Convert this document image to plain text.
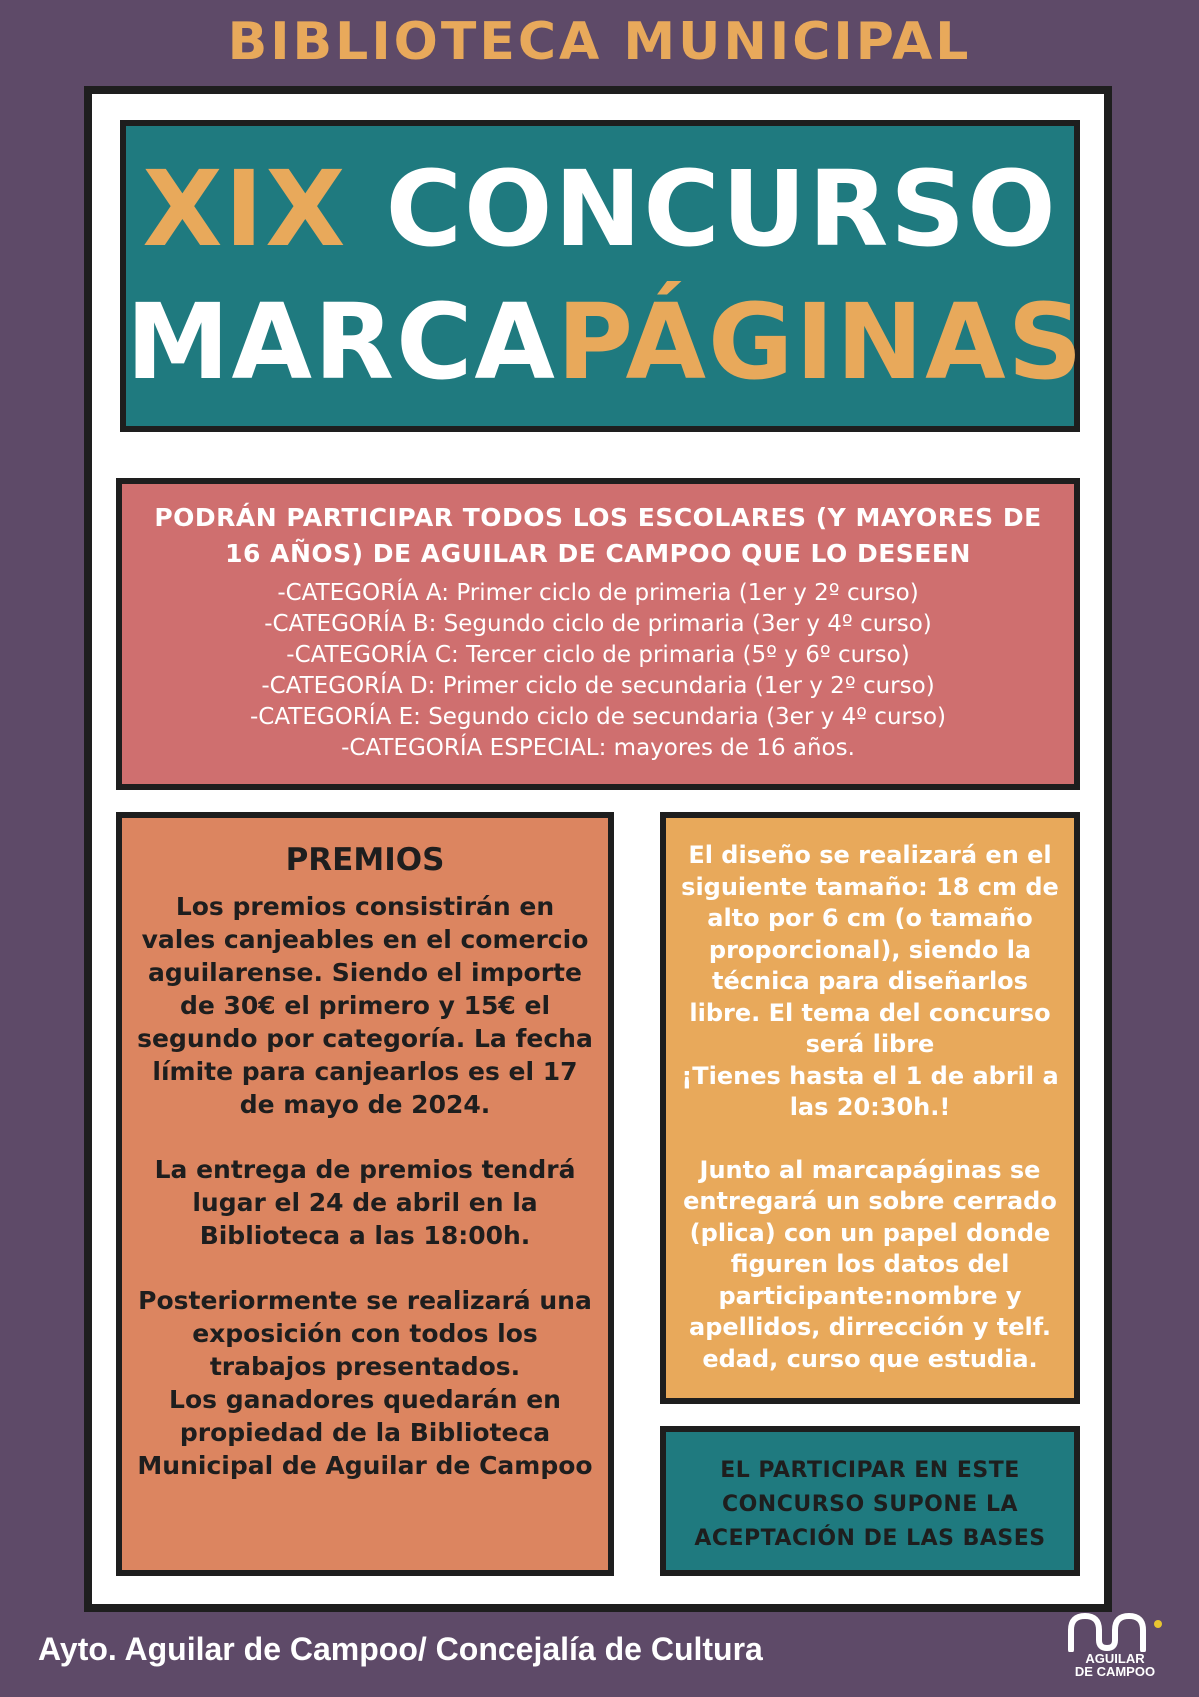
BIBLIOTECA MUNICIPAL
XIX CONCURSO
MARCAPÁGINAS
PODRÁN PARTICIPAR TODOS LOS ESCOLARES (Y MAYORES DE 16 AÑOS) DE AGUILAR DE CAMPOO QUE LO DESEEN
-CATEGORÍA A: Primer ciclo de primeria (1er y 2º curso)
-CATEGORÍA B: Segundo ciclo de primaria (3er y 4º curso)
-CATEGORÍA C: Tercer ciclo de primaria (5º y 6º curso)
-CATEGORÍA D: Primer ciclo de secundaria (1er y 2º curso)
-CATEGORÍA E: Segundo ciclo de secundaria (3er y 4º curso)
-CATEGORÍA ESPECIAL: mayores de 16 años.
PREMIOS
Los premios consistirán en vales canjeables en el comercio aguilarense. Siendo el importe de 30€ el primero y 15€ el segundo por categoría. La fecha límite para canjearlos es el 17 de mayo de 2024.
La entrega de premios tendrá lugar el 24 de abril en la Biblioteca a las 18:00h.
Posteriormente se realizará una exposición con todos los trabajos presentados.
Los ganadores quedarán en propiedad de la Biblioteca Municipal de Aguilar de Campoo
El diseño se realizará en el siguiente tamaño: 18 cm de alto por 6 cm (o tamaño proporcional), siendo la técnica para diseñarlos libre. El tema del concurso será libre
¡Tienes hasta el 1 de abril a las 20:30h.!
Junto al marcapáginas se entregará un sobre cerrado (plica) con un papel donde figuren los datos del participante:nombre y apellidos, dirrección y telf. edad, curso que estudia.
EL PARTICIPAR EN ESTE CONCURSO SUPONE LA ACEPTACIÓN DE LAS BASES
Ayto. Aguilar de Campoo/ Concejalía de Cultura	AGUILAR
DE CAMPOO
